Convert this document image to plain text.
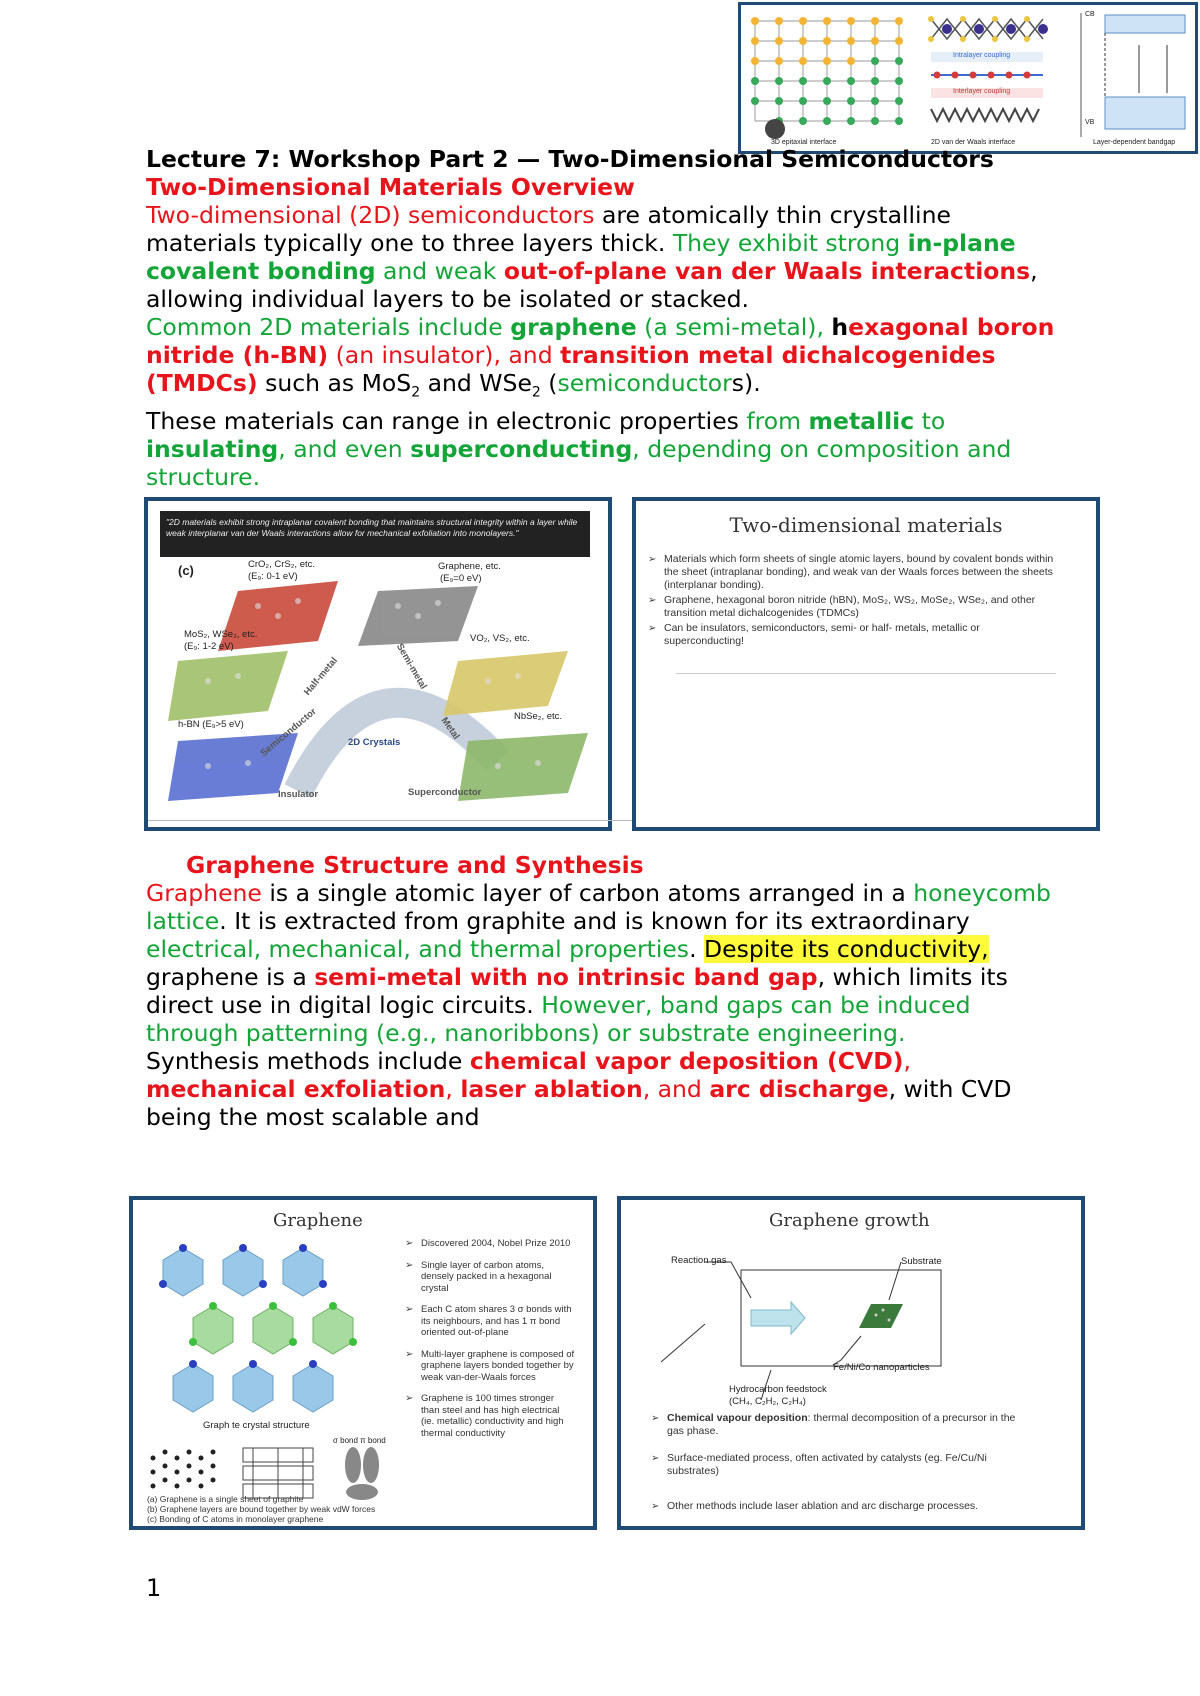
CB
Intralayer coupling
Interlayer coupling
VB
3D epitaxial interface	2D van der Waals interface	Layer-dependent bandgap
Lecture 7: Workshop Part 2 — Two-Dimensional Semiconductors
Two-Dimensional Materials Overview
Two-dimensional (2D) semiconductors are atomically thin crystalline materials typically one to three layers thick. They exhibit strong in-plane covalent bonding and weak out-of-plane van der Waals interactions, allowing individual layers to be isolated or stacked.
Common 2D materials include graphene (a semi-metal), hexagonal boron nitride (h-BN) (an insulator), and transition metal dichalcogenides (TMDCs) such as MoS$_2$ and WSe$_2$ (semiconductors).
These materials can range in electronic properties from metallic to insulating, and even superconducting, depending on composition and structure.
"2D materials exhibit strong intraplanar covalent bonding that maintains structural integrity within a layer while weak interplanar van der Waals interactions allow for mechanical exfoliation into monolayers."
(c)	CrO₂, CrS₂, etc.
(E₉: 0-1 eV)
Graphene, etc.
(E₉=0 eV)
MoS₂, WSe₂, etc.
(E₉: 1-2 eV)
VO₂, VS₂, etc.
h-BN (E₉>5 eV)
NbSe₂, etc.
Half-metal	Semi-metal
Semiconductor	Metal
2D Crystals
Insulator	Superconductor
Two-dimensional materials
➢ Materials which form sheets of single atomic layers, bound by covalent bonds within the sheet (intraplanar bonding), and weak van der Waals forces between the sheets (interplanar bonding).
➢ Graphene, hexagonal boron nitride (hBN), MoS₂, WS₂, MoSe₂, WSe₂, and other transition metal dichalcogenides (TDMCs)
➢ Can be insulators, semiconductors, semi- or half- metals, metallic or superconducting!
Graphene Structure and Synthesis
Graphene is a single atomic layer of carbon atoms arranged in a honeycomb lattice. It is extracted from graphite and is known for its extraordinary electrical, mechanical, and thermal properties. Despite its conductivity, graphene is a semi-metal with no intrinsic band gap, which limits its direct use in digital logic circuits. However, band gaps can be induced through patterning (e.g., nanoribbons) or substrate engineering.
Synthesis methods include chemical vapor deposition (CVD), mechanical exfoliation, laser ablation, and arc discharge, with CVD being the most scalable and
Graphene
Graph te crystal structure
σ bond π bond
(a) Graphene is a single sheet of graphite
(b) Graphene layers are bound together by weak vdW forces
(c) Bonding of C atoms in monolayer graphene
➢ Discovered 2004, Nobel Prize 2010
➢ Single layer of carbon atoms, densely packed in a hexagonal crystal
➢ Each C atom shares 3 σ bonds with its neighbours, and has 1 π bond oriented out-of-plane
➢ Multi-layer graphene is composed of graphene layers bonded together by weak van-der-Waals forces
➢ Graphene is 100 times stronger than steel and has high electrical (ie. metallic) conductivity and high thermal conductivity
Graphene growth
Reaction gas	Substrate
Fe/Ni/Co nanoparticles
Hydrocarbon feedstock
(CH₄, C₂H₂, C₂H₄)
➢ Chemical vapour deposition: thermal decomposition of a precursor in the gas phase.
➢ Surface-mediated process, often activated by catalysts (eg. Fe/Cu/Ni substrates)
➢ Other methods include laser ablation and arc discharge processes.
1
